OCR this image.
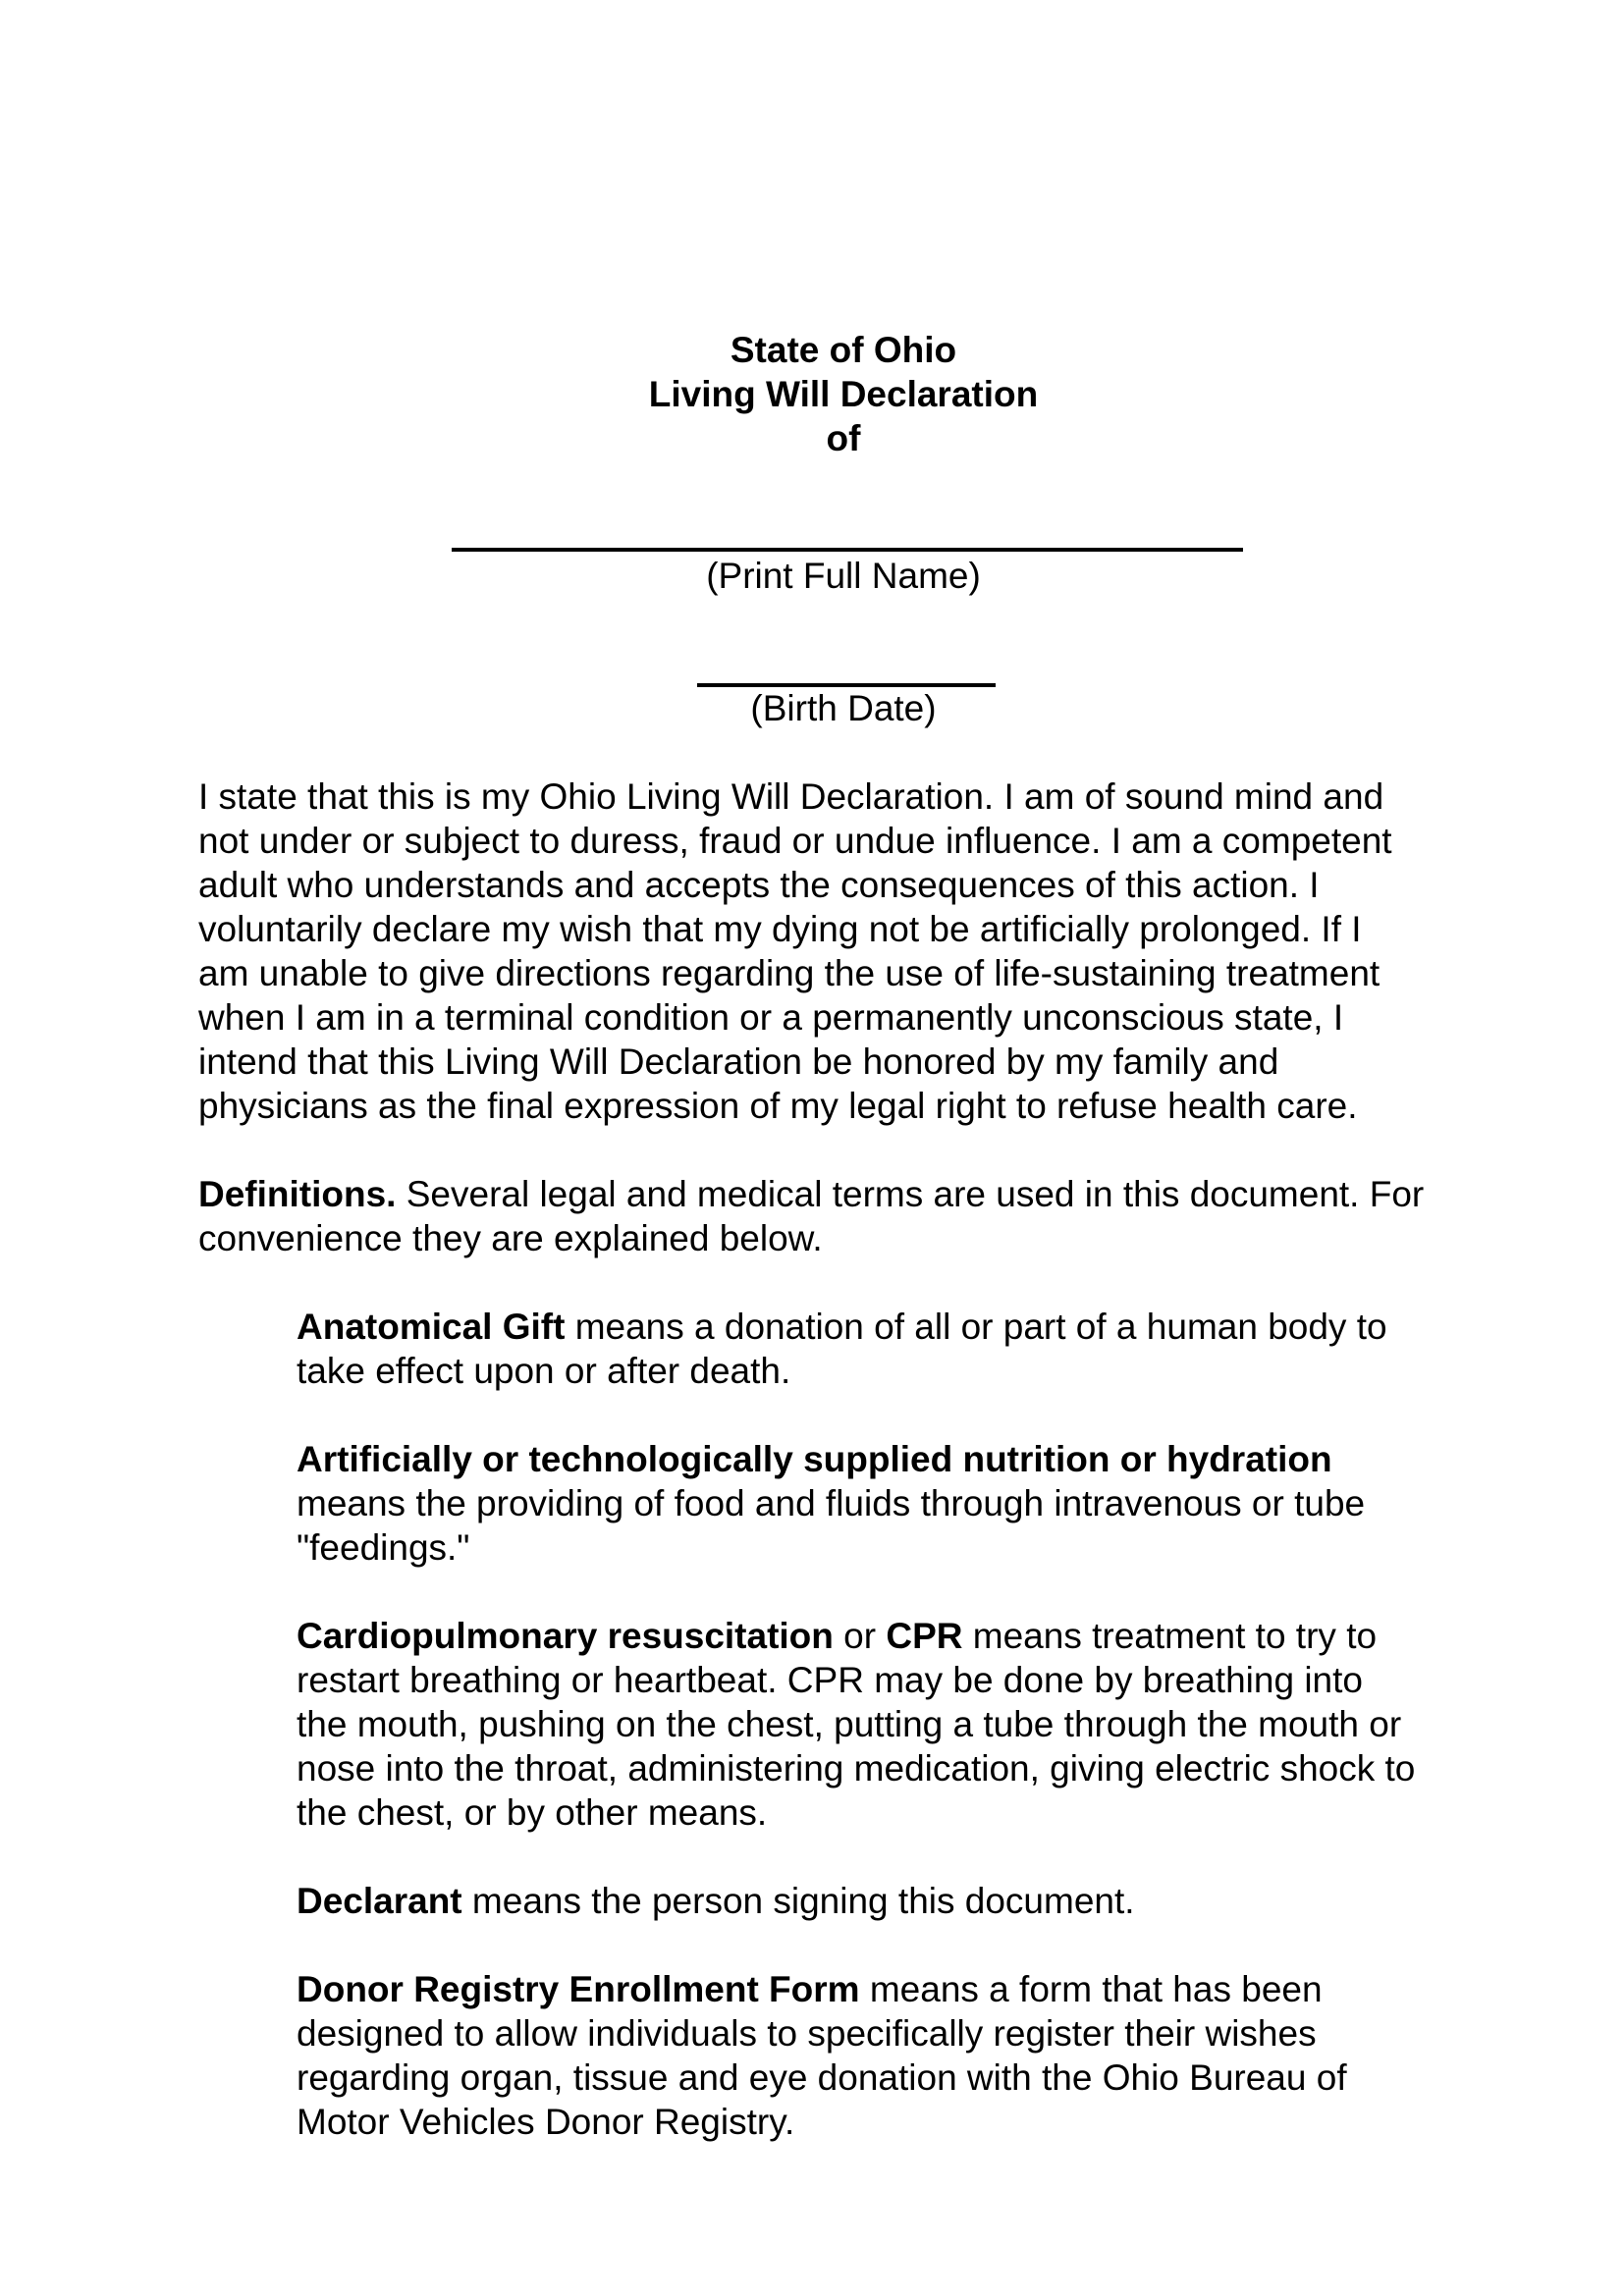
State of Ohio
Living Will Declaration
of
(Print Full Name)
(Birth Date)
I state that this is my Ohio Living Will Declaration. I am of sound mind and
not under or subject to duress, fraud or undue influence. I am a competent
adult who understands and accepts the consequences of this action. I
voluntarily declare my wish that my dying not be artificially prolonged. If I
am unable to give directions regarding the use of life-sustaining treatment
when I am in a terminal condition or a permanently unconscious state, I
intend that this Living Will Declaration be honored by my family and
physicians as the final expression of my legal right to refuse health care.
Definitions. Several legal and medical terms are used in this document. For
convenience they are explained below.
Anatomical Gift means a donation of all or part of a human body to
take effect upon or after death.
Artificially or technologically supplied nutrition or hydration
means the providing of food and fluids through intravenous or tube
"feedings."
Cardiopulmonary resuscitation or CPR means treatment to try to
restart breathing or heartbeat. CPR may be done by breathing into
the mouth, pushing on the chest, putting a tube through the mouth or
nose into the throat, administering medication, giving electric shock to
the chest, or by other means.
Declarant means the person signing this document.
Donor Registry Enrollment Form means a form that has been
designed to allow individuals to specifically register their wishes
regarding organ, tissue and eye donation with the Ohio Bureau of
Motor Vehicles Donor Registry.
